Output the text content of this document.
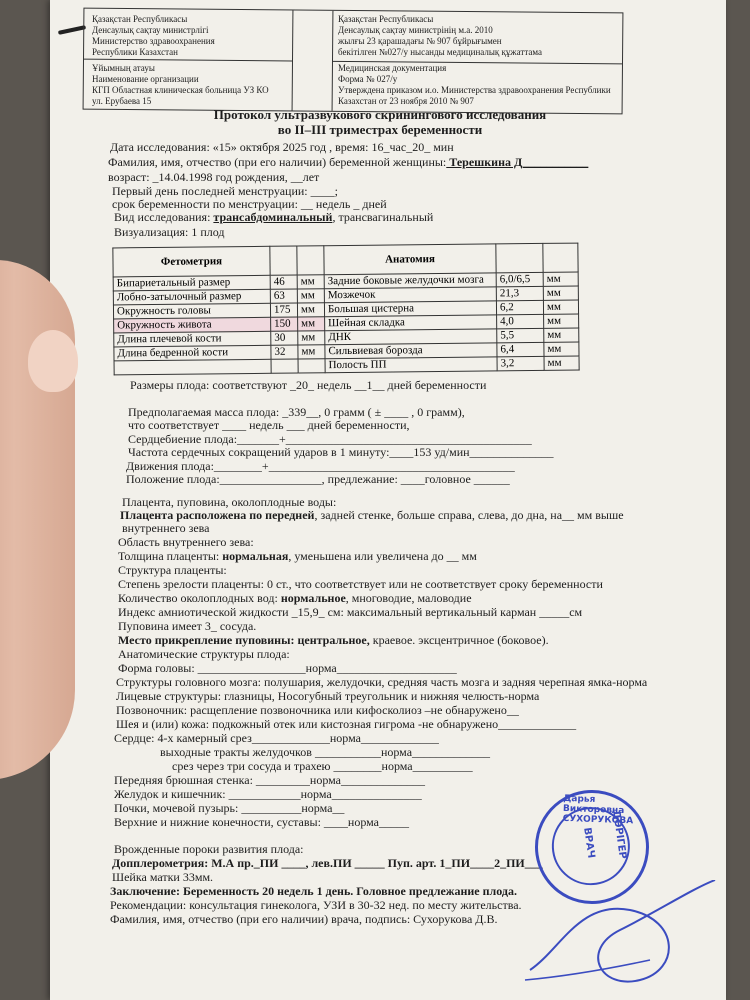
Қазақстан Республикасы
Денсаулық сақтау министрлігі
Министерство здравоохранения
Республики Казахстан
Ұйымның атауы
Наименование организации
КГП Областная клиническая больница УЗ КО
ул. Ерубаева 15
Қазақстан Республикасы
Денсаулық сақтау министрінің м.а. 2010
жылғы 23 қарашадағы № 907 бұйрығымен
бекітілген №027/у нысанды медициналық құжаттама
Медицинская документация
Форма № 027/у
Утверждена приказом и.о. Министерства здравоохранения Республики
Казахстан от 23 ноября 2010 № 907
Протокол ультразвукового скринингового исследования
во II–III триместрах беременности
Дата исследования: «15» октября 2025 год , время: 16_час_20_ мин
Фамилия, имя, отчество (при его наличии) беременной женщины: Терешкина Д___________
возраст: _14.04.1998 год рождения, __лет
Первый день последней менструации: ____;
срок беременности по менструации: __ недель _ дней
Вид исследования: трансабдоминальный, трансвагинальный
Визуализация: 1 плод
Фетометрия			Анатомия		
Бипариетальный размер	46	мм	Задние боковые желудочки мозга	6,0/6,5	мм
Лобно-затылочный размер	63	мм	Мозжечок	21,3	мм
Окружность головы	175	мм	Большая цистерна	6,2	мм
Окружность живота	150	мм	Шейная складка	4,0	мм
Длина плечевой кости	30	мм	ДНК	5,5	мм
Длина бедренной кости	32	мм	Сильвиевая борозда	6,4	мм
			Полость ПП	3,2	мм
Размеры плода: соответствуют _20_ недель __1__ дней беременности
Предполагаемая масса плода: _339__, 0 грамм ( ± ____ , 0 грамм),
что соответствует ____ недель ___ дней беременности,
Сердцебиение плода:_______+_________________________________________
Частота сердечных сокращений ударов в 1 минуту:____153 уд/мин______________
Движения плода:________+_________________________________________
Положение плода:_________________, предлежание: ____головное ______
Плацента, пуповина, околоплодные воды:
Плацента расположена по передней, задней стенке, больше справа, слева, до дна, на__ мм выше
внутреннего зева
Область внутреннего зева:
Толщина плаценты: нормальная, уменьшена или увеличена до __ мм
Структура плаценты:
Степень зрелости плаценты: 0 ст., что соответствует или не соответствует сроку беременности
Количество околоплодных вод: нормальное, многоводие, маловодие
Индекс амниотической жидкости _15,9_ см: максимальный вертикальный карман _____см
Пуповина имеет 3_ сосуда.
Место прикрепление пуповины: центральное, краевое. эксцентричное (боковое).
Анатомические структуры плода:
Форма головы: __________________норма____________________
Структуры головного мозга: полушария, желудочки, средняя часть мозга и задняя черепная ямка-норма
Лицевые структуры: глазницы, Носогубный треугольник и нижняя челюсть-норма
Позвоночник: расщепление позвоночника или кифосколиоз –не обнаружено__
Шея и (или) кожа: подкожный отек или кистозная гигрома -не обнаружено_____________
Сердце: 4-х камерный срез_____________норма_____________
выходные тракты желудочков ___________норма_____________
срез через три сосуда и трахею ________норма__________
Передняя брюшная стенка: _________норма______________
Желудок и кишечник: ____________норма_______________
Почки, мочевой пузырь: __________норма__
Верхние и нижние конечности, суставы: ____норма_____
Врожденные пороки развития плода:
Допплерометрия: М.А пр._ПИ ____, лев.ПИ _____ Пуп. арт. 1_ПИ____2_ПИ___
Шейка матки 33мм.
Заключение: Беременность 20 недель 1 день. Головное предлежание плода.
Рекомендации: консультация гинеколога, УЗИ в 30-32 нед. по месту жительства.
Фамилия, имя, отчество (при его наличии) врача, подпись: Сухорукова Д.В.
Дарья Викторовна СУХОРУКОВА
ДӘРІГЕР
ВРАЧ
